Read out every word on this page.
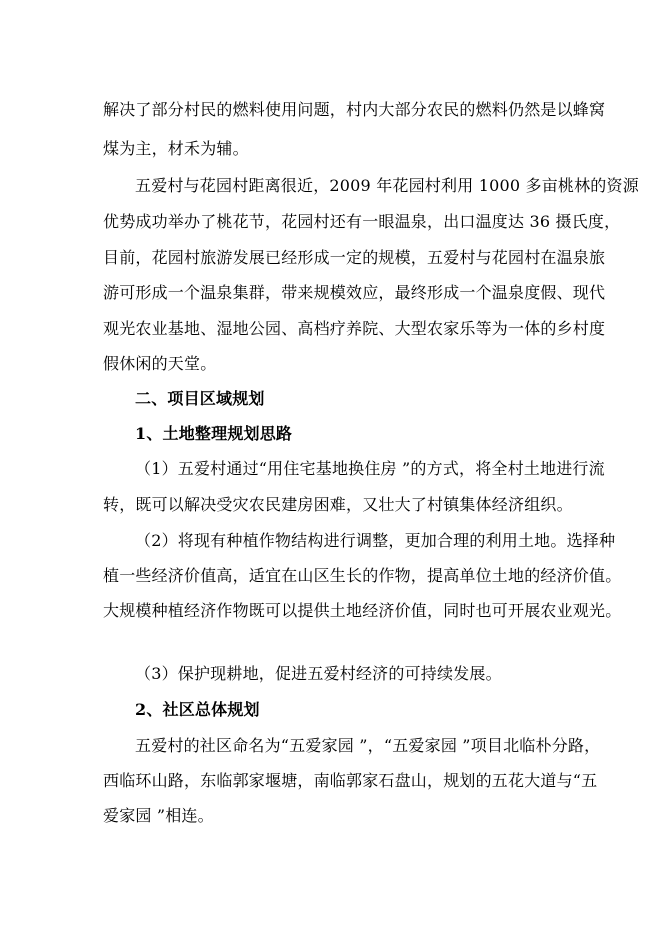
解决了部分村民的燃料使用问题，村内大部分农民的燃料仍然是以蜂窝
煤为主，材禾为辅。
五爱村与花园村距离很近，2009 年花园村利用 1000 多亩桃林的资源
优势成功举办了桃花节，花园村还有一眼温泉，出口温度达 36 摄氏度，
目前，花园村旅游发展已经形成一定的规模，五爱村与花园村在温泉旅
游可形成一个温泉集群，带来规模效应，最终形成一个温泉度假、现代
观光农业基地、湿地公园、高档疗养院、大型农家乐等为一体的乡村度
假休闲的天堂。
二、项目区域规划
1、土地整理规划思路
（1）五爱村通过“用住宅基地换住房 ”的方式，将全村土地进行流
转，既可以解决受灾农民建房困难，又壮大了村镇集体经济组织。
（2）将现有种植作物结构进行调整，更加合理的利用土地。选择种
植一些经济价值高，适宜在山区生长的作物，提高单位土地的经济价值。
大规模种植经济作物既可以提供土地经济价值，同时也可开展农业观光。
（3）保护现耕地，促进五爱村经济的可持续发展。
2、社区总体规划
五爱村的社区命名为“五爱家园 ”，“五爱家园 ”项目北临朴分路，
西临环山路，东临郭家堰塘，南临郭家石盘山，规划的五花大道与“五
爱家园 ”相连。
